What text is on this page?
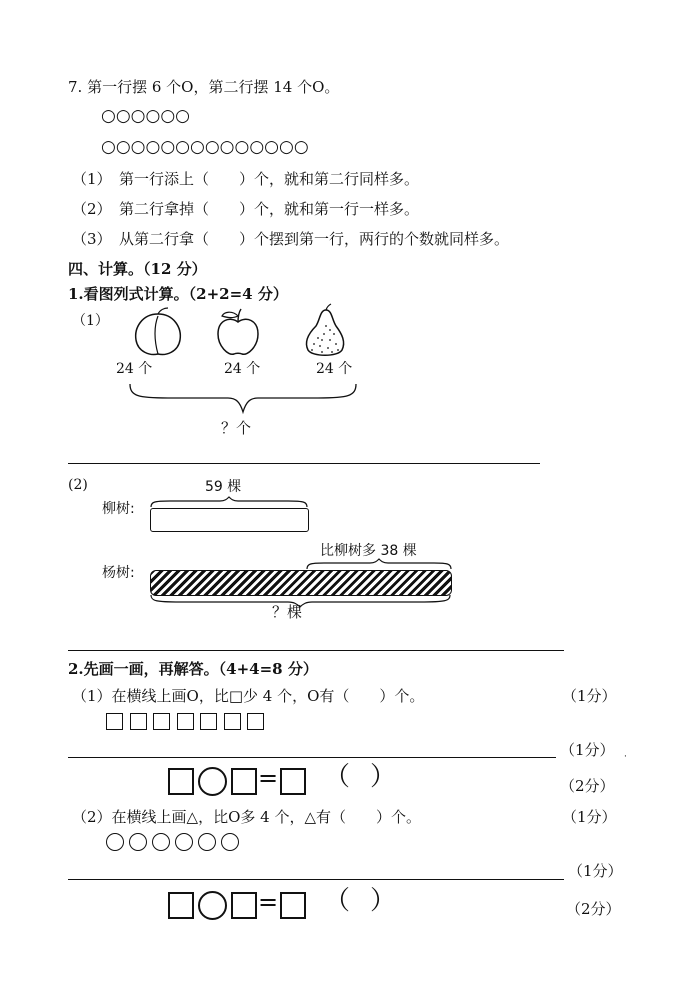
7. 第一行摆 6 个O，第二行摆 14 个O。
○○○○○○
○○○○○○○○○○○○○○
（1）　第一行添上（　　）个，就和第二行同样多。
（2）　第二行拿掉（　　）个，就和第一行一样多。
（3）　从第二行拿（　　）个摆到第一行，两行的个数就同样多。
四、计算。（12 分）
1.看图列式计算。（2+2=4 分）
（1）
24 个	24 个	24 个
？个
(2)	59 棵
柳树:
比柳树多 38 棵
杨树:
？棵
2.先画一画，再解答。（4+4=8 分）
（1）在横线上画O，比□少 4 个，O有（　　）个。	（1分）
（1分） ·
= （ ）	（2分）
（2）在横线上画△，比O多 4 个，△有（　　）个。	（1分）
（1分）
= （ ）	（2分）
